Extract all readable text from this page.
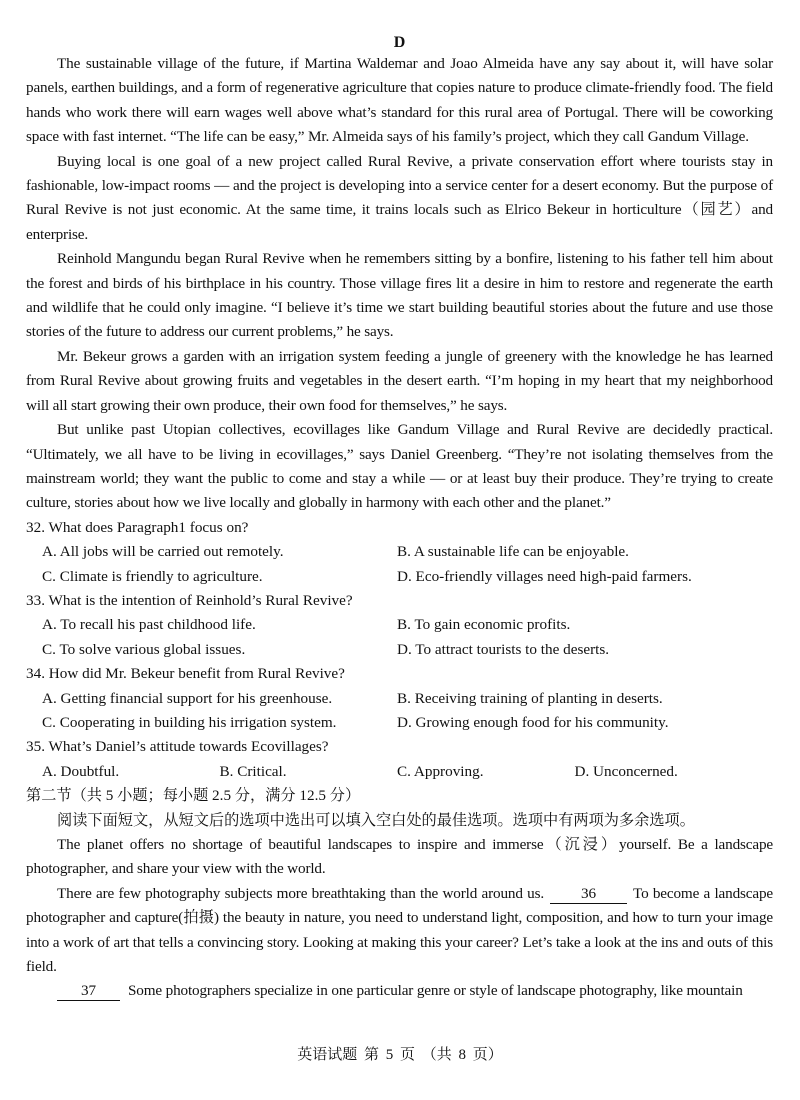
D

The sustainable village of the future, if Martina Waldemar and Joao Almeida have any say about it, will have solar panels, earthen buildings, and a form of regenerative agriculture that copies nature to produce climate-friendly food. The field hands who work there will earn wages well above what’s standard for this rural area of Portugal. There will be coworking space with fast internet. “The life can be easy,” Mr. Almeida says of his family’s project, which they call Gandum Village.

Buying local is one goal of a new project called Rural Revive, a private conservation effort where tourists stay in fashionable, low-impact rooms — and the project is developing into a service center for a desert economy. But the purpose of Rural Revive is not just economic. At the same time, it trains locals such as Elrico Bekeur in horticulture（园艺）and enterprise.

Reinhold Mangundu began Rural Revive when he remembers sitting by a bonfire, listening to his father tell him about the forest and birds of his birthplace in his country. Those village fires lit a desire in him to restore and regenerate the earth and wildlife that he could only imagine. “I believe it’s time we start building beautiful stories about the future and use those stories of the future to address our current problems,” he says.

Mr. Bekeur grows a garden with an irrigation system feeding a jungle of greenery with the knowledge he has learned from Rural Revive about growing fruits and vegetables in the desert earth. “I’m hoping in my heart that my neighborhood will all start growing their own produce, their own food for themselves,” he says.

But unlike past Utopian collectives, ecovillages like Gandum Village and Rural Revive are decidedly practical. “Ultimately, we all have to be living in ecovillages,” says Daniel Greenberg. “They’re not isolating themselves from the mainstream world; they want the public to come and stay a while — or at least buy their produce. They’re trying to create culture, stories about how we live locally and globally in harmony with each other and the planet.”

32. What does Paragraph1 focus on?

A. All jobs will be carried out remotely.	B. A sustainable life can be enjoyable.
C. Climate is friendly to agriculture.	D. Eco-friendly villages need high-paid farmers.

33. What is the intention of Reinhold’s Rural Revive?

A. To recall his past childhood life.	B. To gain economic profits.
C. To solve various global issues.	D. To attract tourists to the deserts.

34. How did Mr. Bekeur benefit from Rural Revive?

A. Getting financial support for his greenhouse.	B. Receiving training of planting in deserts.
C. Cooperating in building his irrigation system.	D. Growing enough food for his community.

35. What’s Daniel’s attitude towards Ecovillages?

A. Doubtful.	B. Critical.	C. Approving.	D. Unconcerned.

第二节（共 5 小题；每小题 2.5 分，满分 12.5 分）

阅读下面短文，从短文后的选项中选出可以填入空白处的最佳选项。选项中有两项为多余选项。

The planet offers no shortage of beautiful landscapes to inspire and immerse（沉浸）yourself. Be a landscape photographer, and share your view with the world.

There are few photography subjects more breathtaking than the world around us. 36 To become a landscape photographer and capture(拍摄) the beauty in nature, you need to understand light, composition, and how to turn your image into a work of art that tells a convincing story. Looking at making this your career? Let’s take a look at the ins and outs of this field.

37 Some photographers specialize in one particular genre or style of landscape photography, like mountain

英语试题 第 5 页 （共 8 页）
